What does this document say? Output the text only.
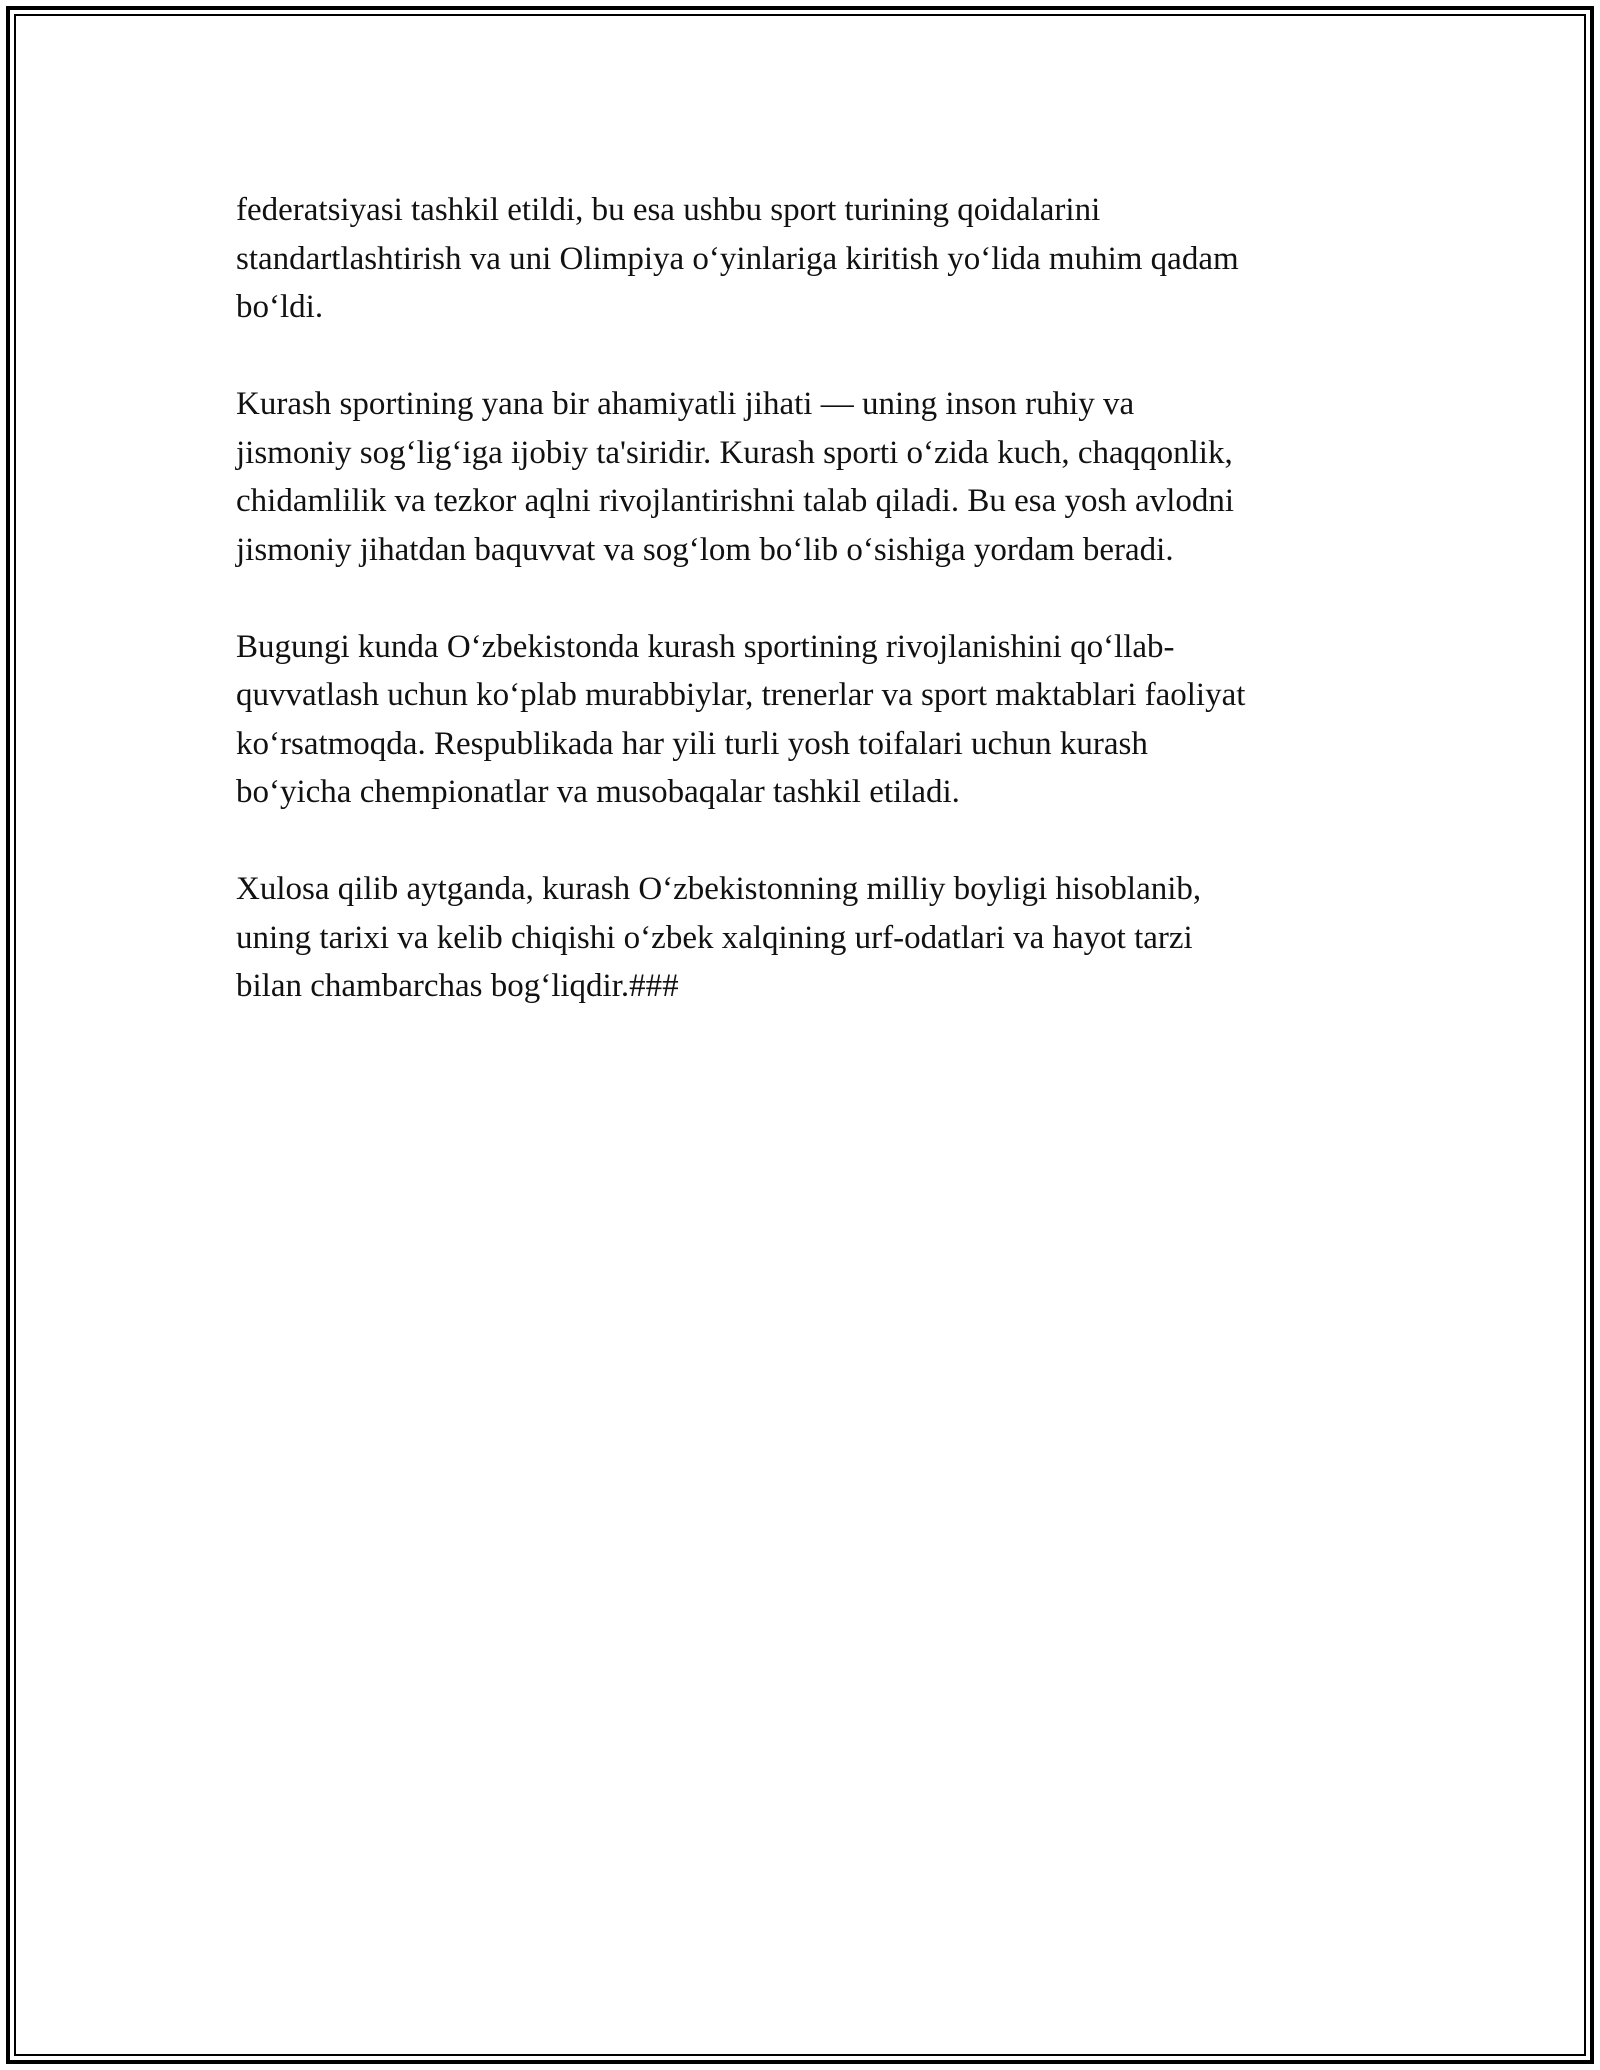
federatsiyasi tashkil etildi, bu esa ushbu sport turining qoidalarini
standartlashtirish va uni Olimpiya o‘yinlariga kiritish yo‘lida muhim qadam
bo‘ldi.

Kurash sportining yana bir ahamiyatli jihati — uning inson ruhiy va
jismoniy sog‘lig‘iga ijobiy ta'siridir. Kurash sporti o‘zida kuch, chaqqonlik,
chidamlilik va tezkor aqlni rivojlantirishni talab qiladi. Bu esa yosh avlodni
jismoniy jihatdan baquvvat va sog‘lom bo‘lib o‘sishiga yordam beradi.

Bugungi kunda O‘zbekistonda kurash sportining rivojlanishini qo‘llab-
quvvatlash uchun ko‘plab murabbiylar, trenerlar va sport maktablari faoliyat
ko‘rsatmoqda. Respublikada har yili turli yosh toifalari uchun kurash
bo‘yicha chempionatlar va musobaqalar tashkil etiladi.

Xulosa qilib aytganda, kurash O‘zbekistonning milliy boyligi hisoblanib,
uning tarixi va kelib chiqishi o‘zbek xalqining urf-odatlari va hayot tarzi
bilan chambarchas bog‘liqdir.###
